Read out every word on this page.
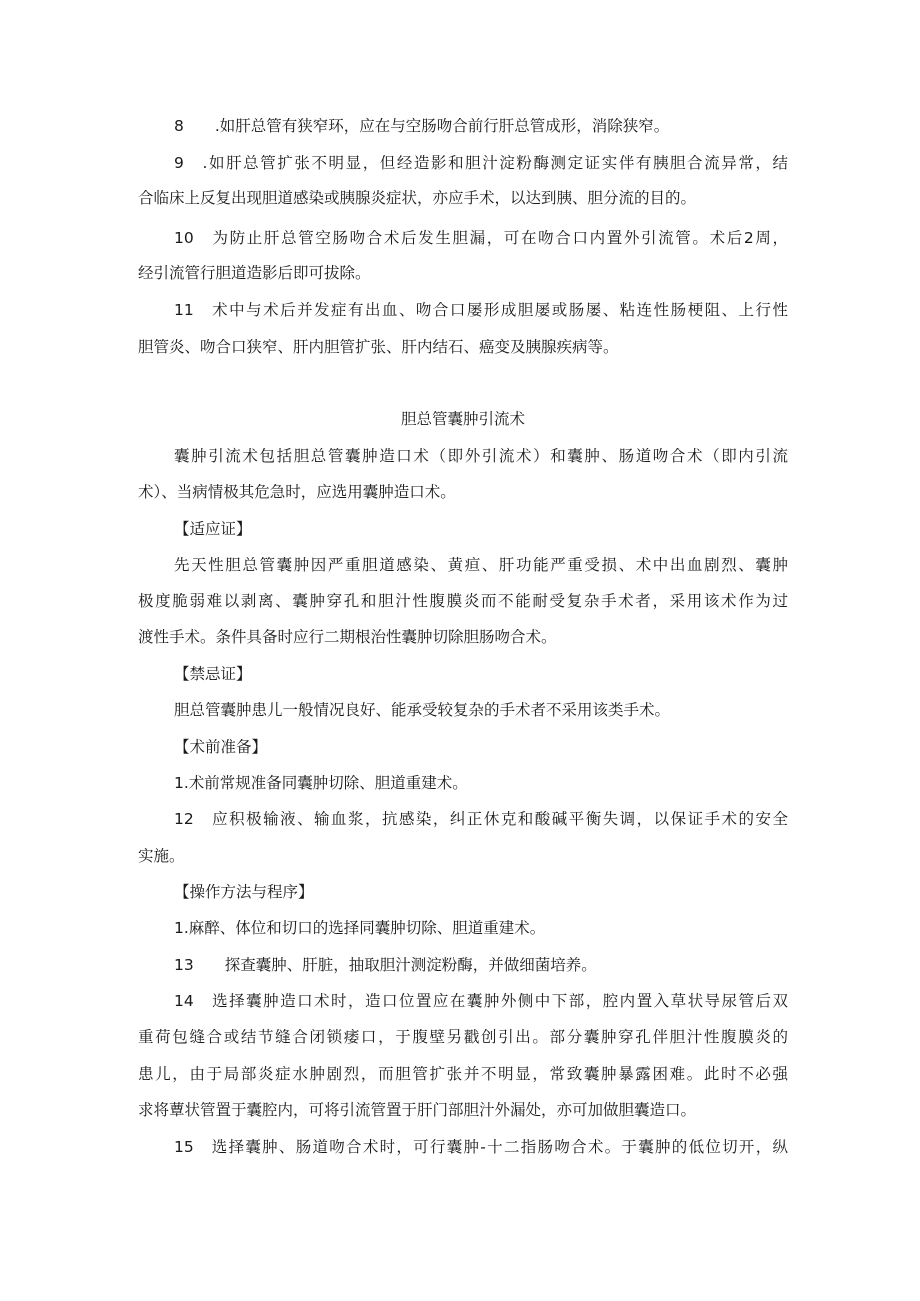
8　　.如肝总管有狭窄环，应在与空肠吻合前行肝总管成形，消除狭窄。
9　.如肝总管扩张不明显，但经造影和胆汁淀粉酶测定证实伴有胰胆合流异常，结
合临床上反复出现胆道感染或胰腺炎症状，亦应手术，以达到胰、胆分流的目的。
10　为防止肝总管空肠吻合术后发生胆漏，可在吻合口内置外引流管。术后2周，
经引流管行胆道造影后即可拔除。
11　术中与术后并发症有出血、吻合口屡形成胆屡或肠屡、粘连性肠梗阻、上行性
胆管炎、吻合口狭窄、肝内胆管扩张、肝内结石、癌变及胰腺疾病等。
胆总管囊肿引流术
囊肿引流术包括胆总管囊肿造口术（即外引流术）和囊肿、肠道吻合术（即内引流
术）、当病情极其危急时，应选用囊肿造口术。
【适应证】
先天性胆总管囊肿因严重胆道感染、黄疸、肝功能严重受损、术中出血剧烈、囊肿
极度脆弱难以剥离、囊肿穿孔和胆汁性腹膜炎而不能耐受复杂手术者，采用该术作为过
渡性手术。条件具备时应行二期根治性囊肿切除胆肠吻合术。
【禁忌证】
胆总管囊肿患儿一般情况良好、能承受较复杂的手术者不采用该类手术。
【术前准备】
1.术前常规准备同囊肿切除、胆道重建术。
12　应积极输液、输血浆，抗感染，纠正休克和酸碱平衡失调，以保证手术的安全
实施。
【操作方法与程序】
1.麻醉、体位和切口的选择同囊肿切除、胆道重建术。
13　　探查囊肿、肝脏，抽取胆汁测淀粉酶，并做细菌培养。
14　选择囊肿造口术时，造口位置应在囊肿外侧中下部，腔内置入草状导尿管后双
重荷包缝合或结节缝合闭锁痿口，于腹壁另戳创引出。部分囊肿穿孔伴胆汁性腹膜炎的
患儿，由于局部炎症水肿剧烈，而胆管扩张并不明显，常致囊肿暴露困难。此时不必强
求将蕈状管置于囊腔内，可将引流管置于肝门部胆汁外漏处，亦可加做胆囊造口。
15　选择囊肿、肠道吻合术时，可行囊肿-十二指肠吻合术。于囊肿的低位切开，纵
